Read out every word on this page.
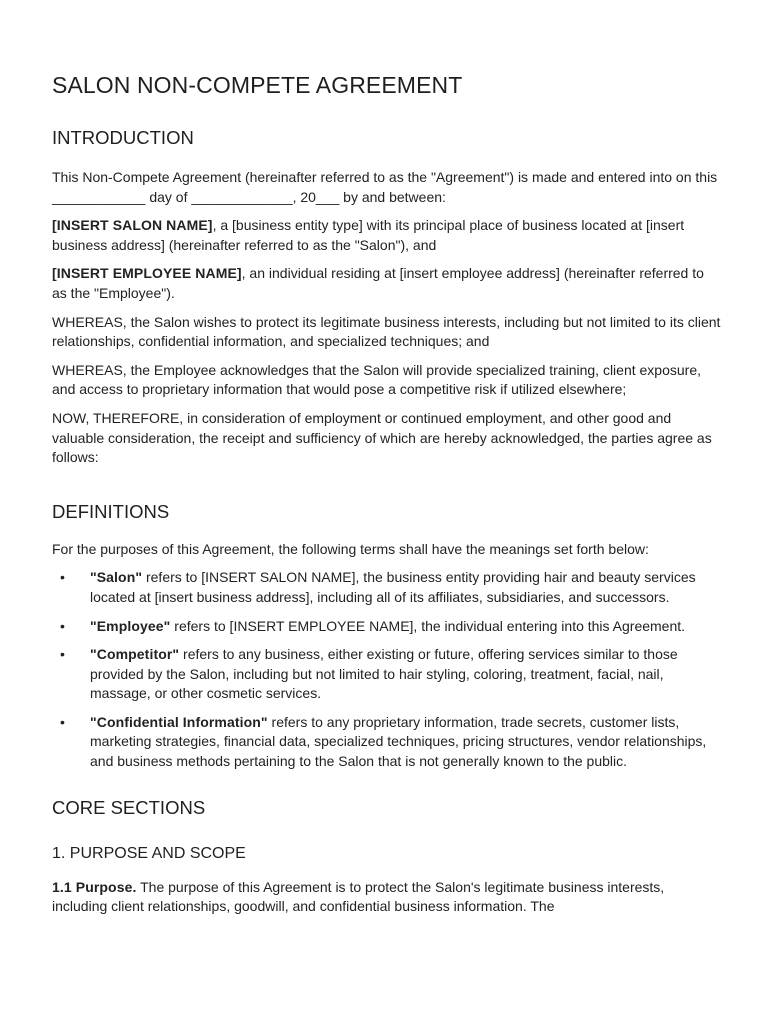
SALON NON-COMPETE AGREEMENT
INTRODUCTION

This Non-Compete Agreement (hereinafter referred to as the "Agreement") is made and entered into on this ____________ day of _____________, 20___ by and between:

[INSERT SALON NAME], a [business entity type] with its principal place of business located at [insert business address] (hereinafter referred to as the "Salon"), and

[INSERT EMPLOYEE NAME], an individual residing at [insert employee address] (hereinafter referred to as the "Employee").

WHEREAS, the Salon wishes to protect its legitimate business interests, including but not limited to its client relationships, confidential information, and specialized techniques; and

WHEREAS, the Employee acknowledges that the Salon will provide specialized training, client exposure, and access to proprietary information that would pose a competitive risk if utilized elsewhere;

NOW, THEREFORE, in consideration of employment or continued employment, and other good and valuable consideration, the receipt and sufficiency of which are hereby acknowledged, the parties agree as follows:

DEFINITIONS

For the purposes of this Agreement, the following terms shall have the meanings set forth below:

• "Salon" refers to [INSERT SALON NAME], the business entity providing hair and beauty services located at [insert business address], including all of its affiliates, subsidiaries, and successors.

• "Employee" refers to [INSERT EMPLOYEE NAME], the individual entering into this Agreement.

• "Competitor" refers to any business, either existing or future, offering services similar to those provided by the Salon, including but not limited to hair styling, coloring, treatment, facial, nail, massage, or other cosmetic services.

• "Confidential Information" refers to any proprietary information, trade secrets, customer lists, marketing strategies, financial data, specialized techniques, pricing structures, vendor relationships, and business methods pertaining to the Salon that is not generally known to the public.

CORE SECTIONS
1. PURPOSE AND SCOPE

1.1 Purpose. The purpose of this Agreement is to protect the Salon's legitimate business interests, including client relationships, goodwill, and confidential business information. The
